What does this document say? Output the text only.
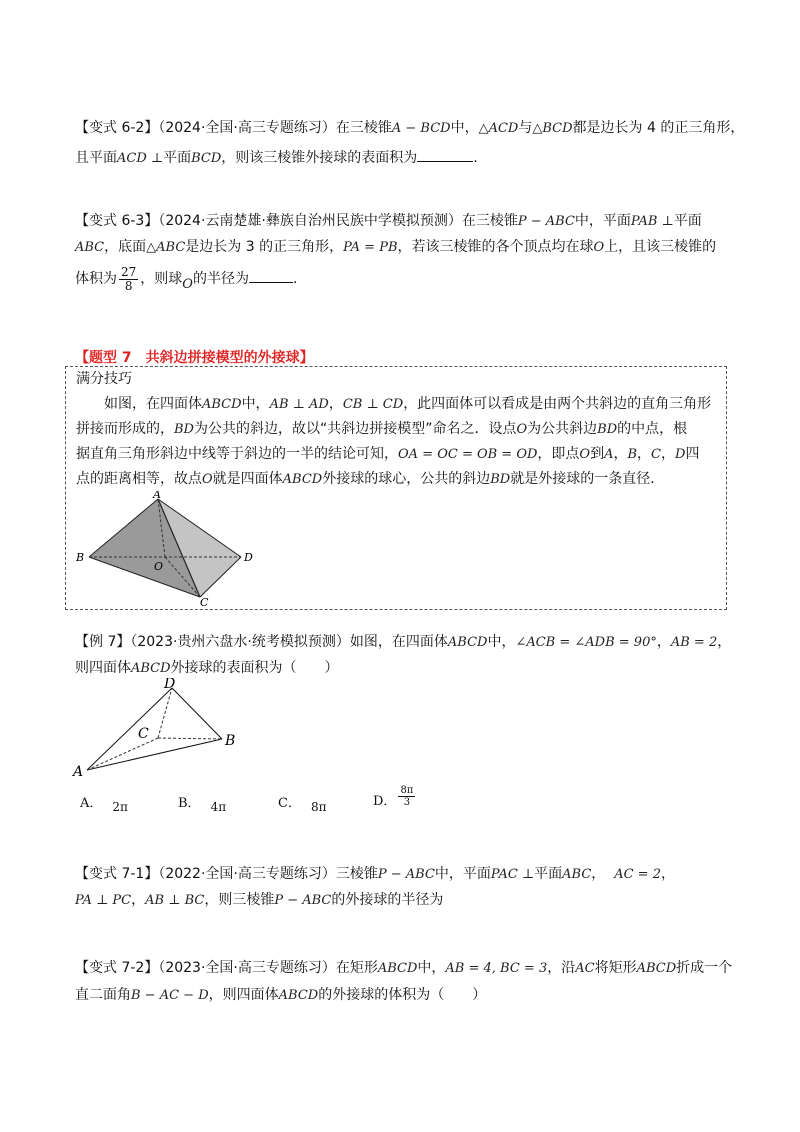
【变式 6-2】（2024·全国·高三专题练习）在三棱锥A − BCD中，△ACD与△BCD都是边长为 4 的正三角形，
且平面ACD ⊥平面BCD，则该三棱锥外接球的表面积为	.
【变式 6-3】（2024·云南楚雄·彝族自治州民族中学模拟预测）在三棱锥P − ABC中，平面PAB ⊥平面
ABC，底面△ABC是边长为 3 的正三角形，PA = PB，若该三棱锥的各个顶点均在球O上，且该三棱锥的
体积为 $\frac{27}{8}$ ，则球O的半径为	.
【题型 7　共斜边拼接模型的外接球】
满分技巧
　　如图，在四面体ABCD中，AB ⊥ AD，CB ⊥ CD，此四面体可以看成是由两个共斜边的直角三角形
拼接而形成的，BD为公共的斜边，故以“共斜边拼接模型”命名之．设点O为公共斜边BD的中点，根
据直角三角形斜边中线等于斜边的一半的结论可知，OA = OC = OB = OD，即点O到A，B，C，D四
点的距离相等，故点O就是四面体ABCD外接球的球心，公共的斜边BD就是外接球的一条直径．
A
B
C
D
O
【例 7】（2023·贵州六盘水·统考模拟预测）如图，在四面体ABCD中，∠ACB = ∠ADB = 90°，AB = 2，
则四面体ABCD外接球的表面积为（　　）
D
C	B
A
A． 2π	B． 4π	C． 8π	D． $\frac{8\pi}{3}$
【变式 7-1】（2022·全国·高三专题练习）三棱锥P − ABC中，平面PAC ⊥平面ABC， AC = 2，
PA ⊥ PC，AB ⊥ BC，则三棱锥P − ABC的外接球的半径为
【变式 7-2】（2023·全国·高三专题练习）在矩形ABCD中，AB = 4, BC = 3，沿AC将矩形ABCD折成一个
直二面角B − AC − D，则四面体ABCD的外接球的体积为（　　）
